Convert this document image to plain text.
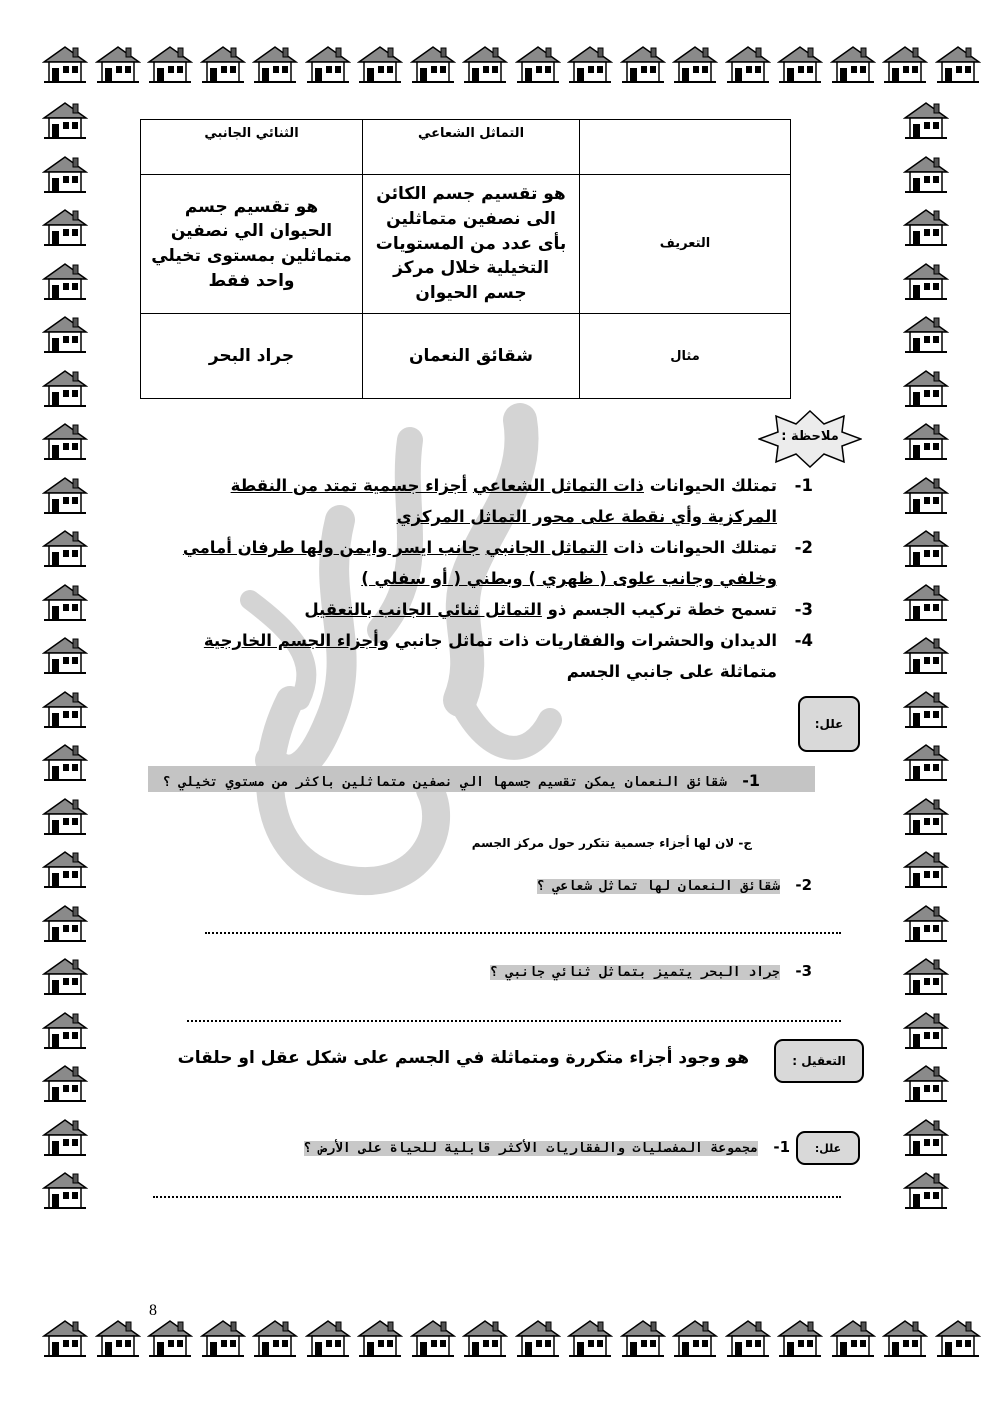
	التماثل الشعاعي	الثنائي الجانبي
التعريف	هو تقسيم جسم الكائن الى نصفين متماثلين بأى عدد من المستويات التخيلية خلال مركز جسم الحيوان	هو تقسيم جسم الحيوان الي نصفين متماثلين بمستوى تخيلي واحد فقط
مثال	شقائق النعمان	جراد البحر
ملاحظة :
1-
تمتلك الحيوانات ذات التماثل الشعاعي أجزاء جسمية تمتد من النقطة المركزية وأي نقطة على محور التماثل المركزي
2-
تمتلك الحيوانات ذات التماثل الجانبي جانب ايسر وايمن ولها طرفان أمامي وخلفي وجانب علوى ( ظهري ) وبطني ( أو سفلي )
3-
تسمح خطة تركيب الجسم ذو التماثل ثنائي الجانب بالتعقيل
4-
الديدان والحشرات والفقاريات ذات تماثل جانبي وأجزاء الجسم الخارجية متماثلة على جانبي الجسم
علل:
1-  شقائق النعمان يمكن تقسيم جسمها الي نصفين متماثلين باكثر من مستوي تخيلي ؟
ج- لان لها أجزاء جسمية تتكرر حول مركز الجسم
2-  شقائق النعمان لها تماثل شعاعي ؟
3-  جراد البحر يتميز بتماثل ثنائي جانبي ؟
التعقيل :
هو وجود أجزاء متكررة ومتماثلة في الجسم على شكل عقل او حلقات
علل:
1-  مجموعة المفصليات والفقاريات الأكثر قابلية للحياة على الأرض ؟
8
